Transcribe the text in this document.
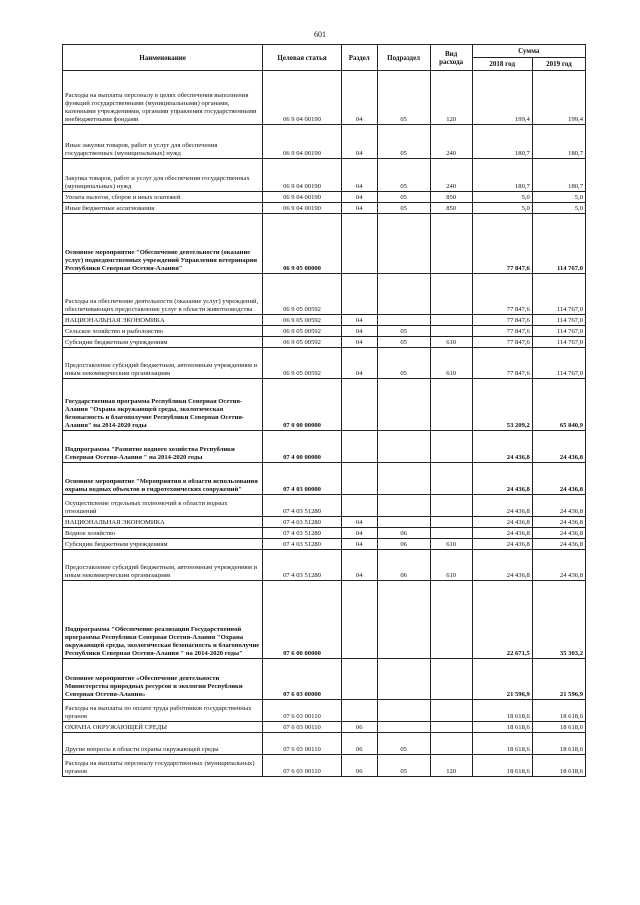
601
Наименование	Целевая статья	Раздел	Подраздел	Вид расхода	Сумма	
					2018 год	2019 год
Расходы на выплаты персоналу в целях обеспечения выполнения функций государственными (муниципальными) органами, казенными учреждениями, органами управления государственными внебюджетными фондами	06 9 04 00190	04	05	120	199,4	199,4
Иные закупки товаров, работ и услуг для обеспечения государственных (муниципальных) нужд	06 9 04 00190	04	05	240	180,7	180,7
Закупка товаров, работ и услуг для обеспечения государственных (муниципальных) нужд	06 9 04 00190	04	05	240	180,7	180,7
Уплата налогов, сборов и иных платежей	06 9 04 00190	04	05	850	5,0	5,0
Иные бюджетные ассигнования	06 9 04 00190	04	05	850	5,0	5,0
Основное мероприятие "Обеспечение деятельности (оказание услуг) подведомственных учреждений Управления ветеринарии Республики Северная Осетия-Алания"	06 9 05 00000				77 847,6	114 767,0
Расходы на обеспечение деятельности (оказание услуг) учреждений, обеспечивающих предоставление услуг в области животноводства	06 9 05 00592				77 847,6	114 767,0
НАЦИОНАЛЬНАЯ ЭКОНОМИКА	06 9 05 00592	04			77 847,6	114 767,0
Сельское хозяйство и рыболовство	06 9 05 00592	04	05		77 847,6	114 767,0
Субсидии бюджетным учреждениям	06 9 05 00592	04	05	610	77 847,6	114 767,0
Предоставление субсидий бюджетным, автономным учреждениям и иным некоммерческим организациям	06 9 05 00592	04	05	610	77 847,6	114 767,0
Государственная программа Республики Северная Осетия-Алания "Охрана окружающей среды, экологическая безопасность и благополучие Республики Северная Осетия-Алания" на 2014-2020 годы	07 0 00 00000				53 209,2	65 840,9
Подпрограмма "Развитие водного хозяйства Республики Северная Осетия-Алания " на 2014-2020 годы	07 4 00 00000				24 436,8	24 436,8
Основное мероприятие "Мероприятия в области использования охраны водных объектов и гидротехнических сооружений"	07 4 03 00000				24 436,8	24 436,8
Осуществление отдельных полномочий в области водных отношений	07 4 03 51280				24 436,8	24 436,8
НАЦИОНАЛЬНАЯ ЭКОНОМИКА	07 4 03 51280	04			24 436,8	24 436,8
Водное хозяйство	07 4 03 51280	04	06		24 436,8	24 436,8
Субсидии бюджетным учреждениям	07 4 03 51280	04	06	610	24 436,8	24 436,8
Предоставление субсидий бюджетным, автономным учреждениям и иным некоммерческим организациям	07 4 03 51280	04	06	610	24 436,8	24 436,8
Подпрограмма "Обеспечение реализации Государственной программы Республики Северная Осетия-Алания "Охрана окружающей среды, экологическая безопасность и благополучие Республики Северная Осетия-Алания " на 2014-2020 годы"	07 6 00 00000				22 671,5	35 303,2
Основное мероприятие «Обеспечение деятельности Министерства природных ресурсов и экологии Республики Северная Осетия-Алания»	07 6 03 00000				21 596,9	21 596,9
Расходы на выплаты по оплате труда работников государственных органов	07 6 03 00110				18 618,6	18 618,6
ОХРАНА ОКРУЖАЮЩЕЙ СРЕДЫ	07 6 03 00110	06			18 618,6	18 618,6
Другие вопросы в области охраны окружающей среды	07 6 03 00110	06	05		18 618,6	18 618,6
Расходы на выплаты персоналу государственных (муниципальных) органов	07 6 03 00110	06	05	120	18 618,6	18 618,6
